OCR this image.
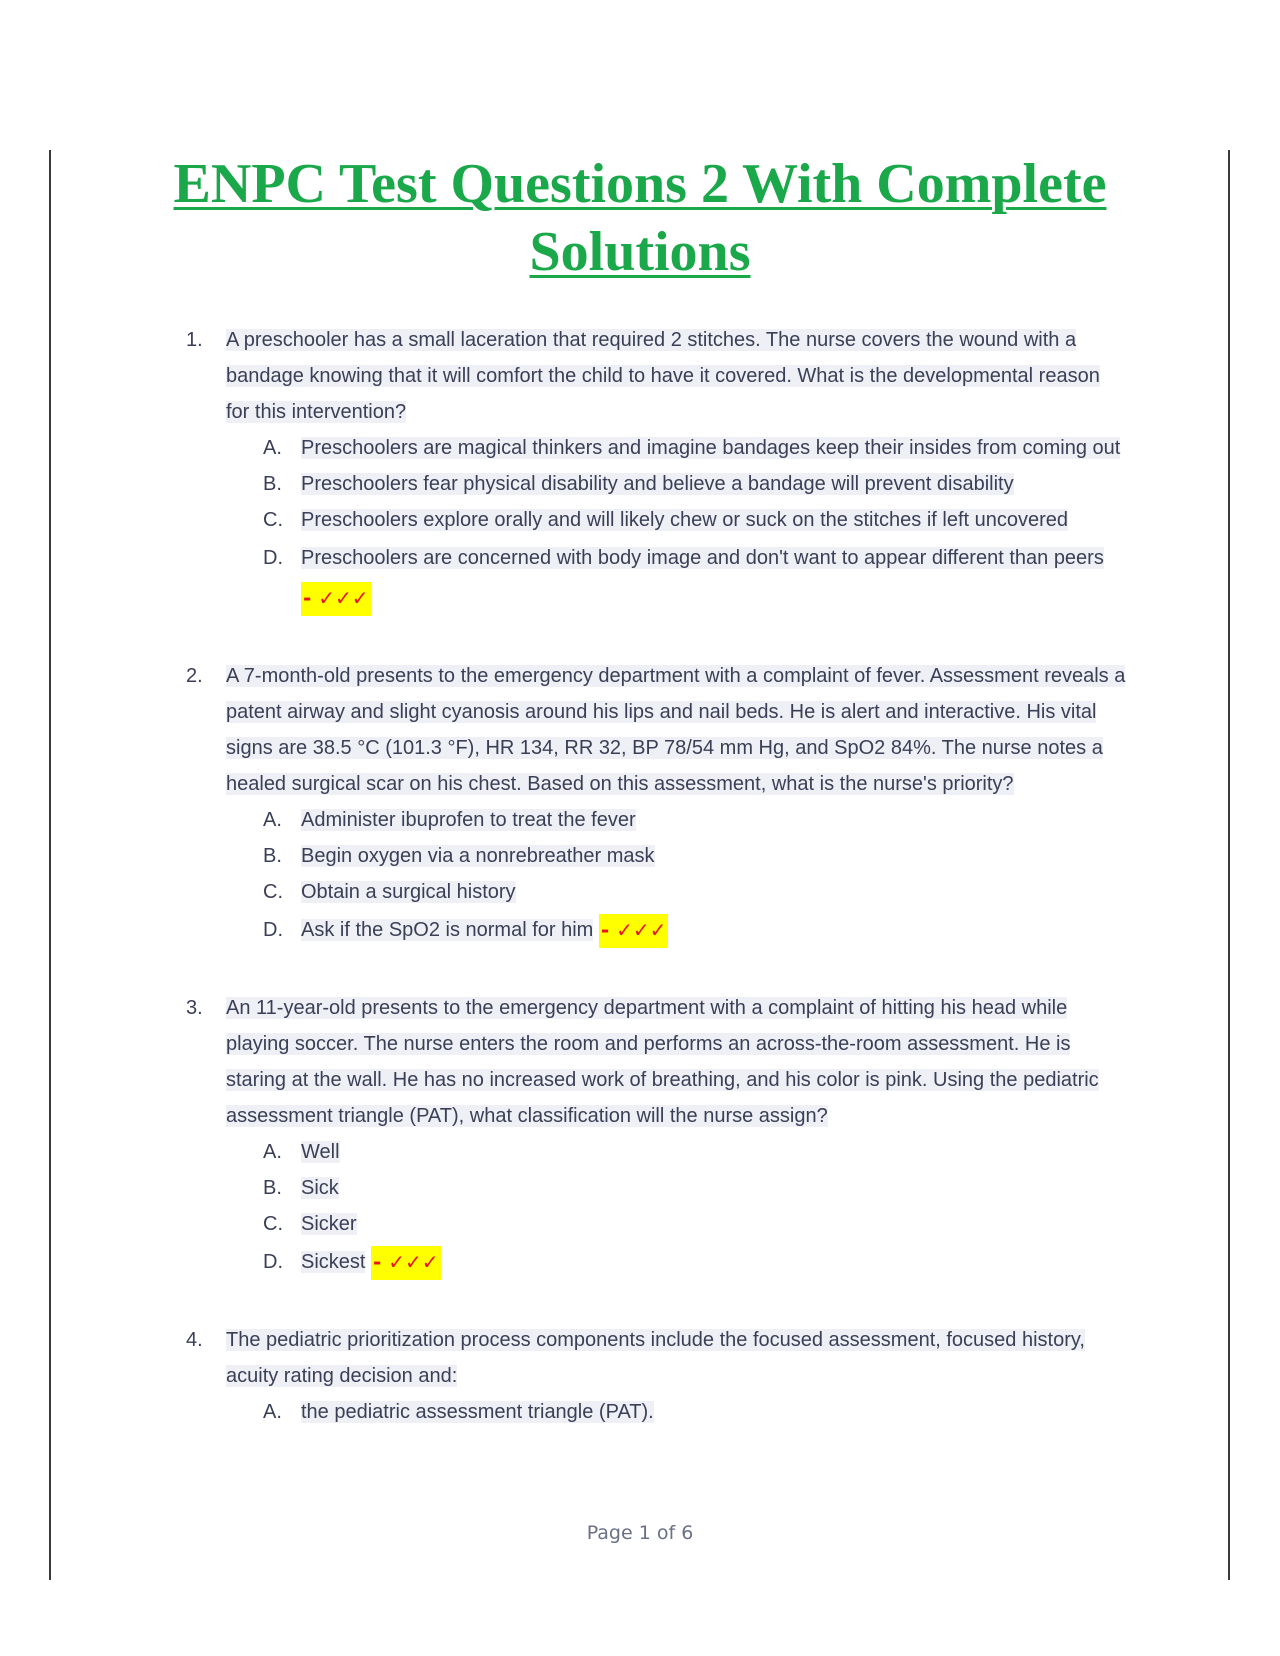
ENPC Test Questions 2 With Complete Solutions
1. A preschooler has a small laceration that required 2 stitches. The nurse covers the wound with a bandage knowing that it will comfort the child to have it covered. What is the developmental reason for this intervention?
A. Preschoolers are magical thinkers and imagine bandages keep their insides from coming out
B. Preschoolers fear physical disability and believe a bandage will prevent disability
C. Preschoolers explore orally and will likely chew or suck on the stitches if left uncovered
D. Preschoolers are concerned with body image and don't want to appear different than peers - ✓✓✓
2. A 7-month-old presents to the emergency department with a complaint of fever. Assessment reveals a patent airway and slight cyanosis around his lips and nail beds. He is alert and interactive. His vital signs are 38.5 °C (101.3 °F), HR 134, RR 32, BP 78/54 mm Hg, and SpO2 84%. The nurse notes a healed surgical scar on his chest. Based on this assessment, what is the nurse's priority?
A. Administer ibuprofen to treat the fever
B. Begin oxygen via a nonrebreather mask
C. Obtain a surgical history
D. Ask if the SpO2 is normal for him - ✓✓✓
3. An 11-year-old presents to the emergency department with a complaint of hitting his head while playing soccer. The nurse enters the room and performs an across-the-room assessment. He is staring at the wall. He has no increased work of breathing, and his color is pink. Using the pediatric assessment triangle (PAT), what classification will the nurse assign?
A. Well
B. Sick
C. Sicker
D. Sickest - ✓✓✓
4. The pediatric prioritization process components include the focused assessment, focused history, acuity rating decision and:
A. the pediatric assessment triangle (PAT).
Page 1 of 6
